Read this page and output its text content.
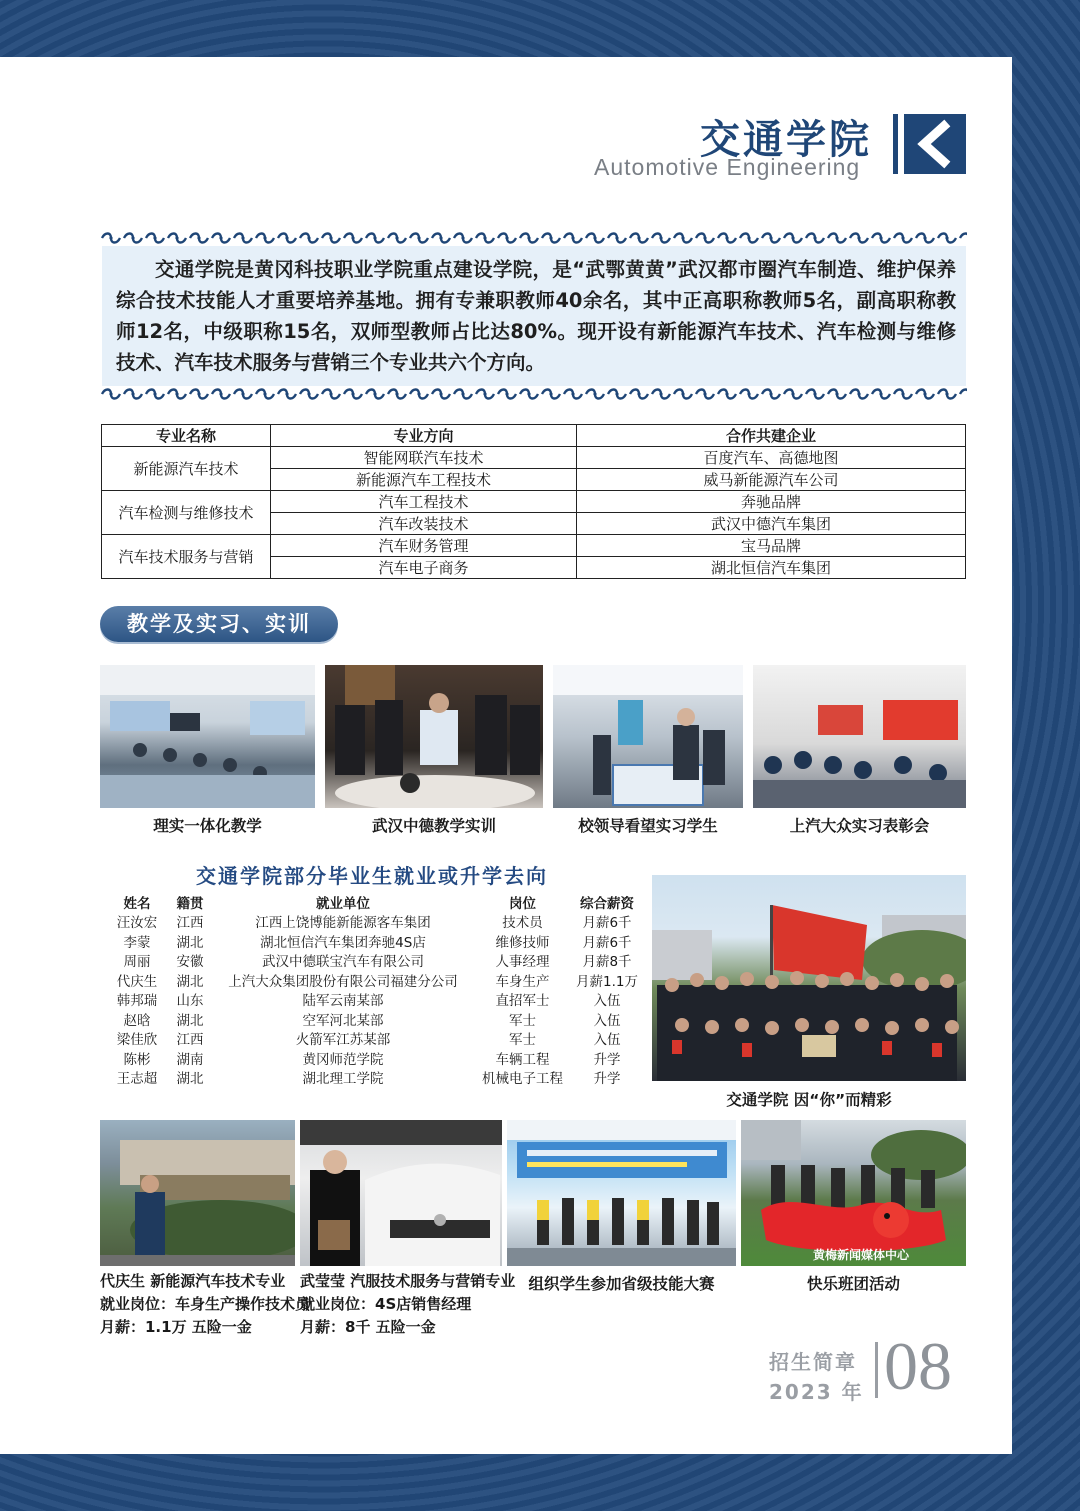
交通学院
Automotive Engineering
交通学院是黄冈科技职业学院重点建设学院，是“武鄂黄黄”武汉都市圈汽车制造、维护保养综合技术技能人才重要培养基地。拥有专兼职教师40余名，其中正高职称教师5名，副高职称教师12名，中级职称15名，双师型教师占比达80%。现开设有新能源汽车技术、汽车检测与维修技术、汽车技术服务与营销三个专业共六个方向。
专业名称	专业方向	合作共建企业
新能源汽车技术	智能网联汽车技术	百度汽车、高德地图
	新能源汽车工程技术	威马新能源汽车公司
汽车检测与维修技术	汽车工程技术	奔驰品牌
	汽车改装技术	武汉中德汽车集团
汽车技术服务与营销	汽车财务管理	宝马品牌
	汽车电子商务	湖北恒信汽车集团
教学及实习、实训
理实一体化教学	武汉中德教学实训	校领导看望实习学生	上汽大众实习表彰会
交通学院部分毕业生就业或升学去向
姓名	籍贯	就业单位	岗位	综合薪资
汪汝宏	江西	江西上饶博能新能源客车集团	技术员	月薪6千
李蒙	湖北	湖北恒信汽车集团奔驰4S店	维修技师	月薪6千
周丽	安徽	武汉中德联宝汽车有限公司	人事经理	月薪8千
代庆生	湖北	上汽大众集团股份有限公司福建分公司	车身生产	月薪1.1万
韩邦瑞	山东	陆军云南某部	直招军士	入伍
赵晗	湖北	空军河北某部	军士	入伍
梁佳欣	江西	火箭军江苏某部	军士	入伍
陈彬	湖南	黄冈师范学院	车辆工程	升学
王志超	湖北	湖北理工学院	机械电子工程	升学
交通学院 因“你”而精彩
黄梅新闻媒体中心
代庆生 新能源汽车技术专业
就业岗位：车身生产操作技术员
月薪：1.1万 五险一金
武莹莹 汽服技术服务与营销专业
就业岗位：4S店销售经理
月薪：8千 五险一金
组织学生参加省级技能大赛	快乐班团活动
招生简章
2023 年 08
